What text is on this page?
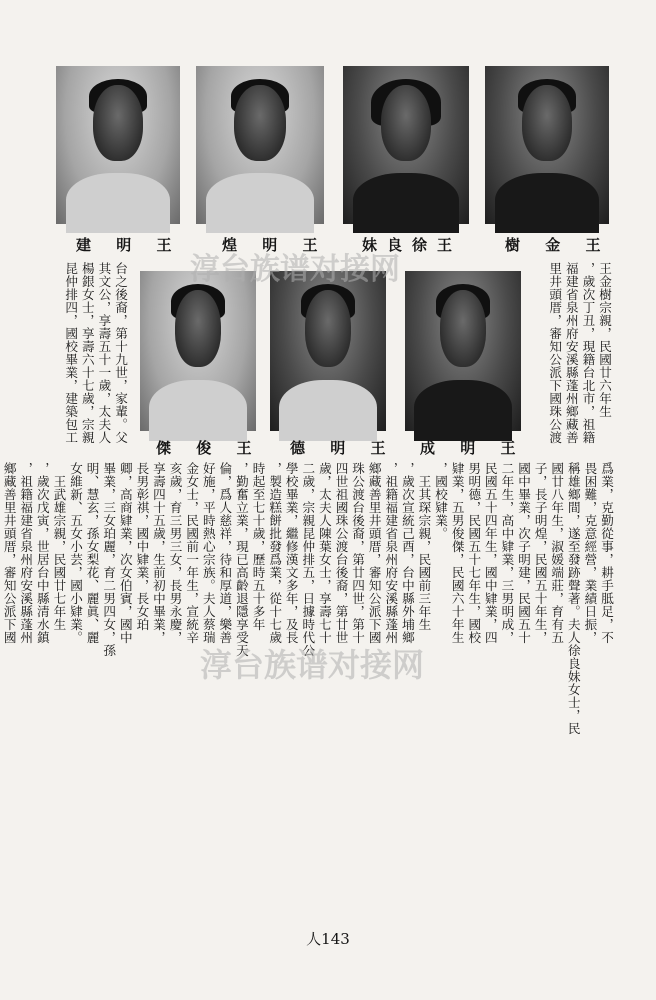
建 明 王	煌 明 王 妹良徐王	樹 金 王
傑 俊 王 德 明 王 成 明 王
王金樹宗親，民國廿六年生
，歲次丁丑，現籍台北市，祖籍
福建省泉州府安溪縣蓬州鄉藏善
里井頭厝，審知公派下國珠公渡
台之後裔，第十九世，家輩。父
其文公，享壽五十一歲，太夫人
楊銀女士，享壽六十七歲，宗親
昆仲排四，國校畢業，建築包工
爲業，克勤從事，耕手胝足，不
畏困難，克意經營，業績日振，
稱雄鄉間，遂至發跡聲著。夫人徐良妹女士，民
國廿八年生，淑媛端莊，育有五
子，長子明煌，民國五十年生，
國中畢業，次子明建，民國五十
二年生，高中肄業，三男明成，
民國五十四年生，國中肄業，四
男明德，民國五十七年生，國校
肄業，五男俊傑，民國六十年生
，國校肄業。
　王其琛宗親，民國前三年生
，歲次宣統己酉，台中縣外埔鄉
，祖籍福建省泉州府安溪縣蓬州
鄉藏善里井頭厝，審知公派下國
珠公渡台後裔，第廿四世，第十
四世祖國珠公渡台後裔，第廿世
歲，太夫人陳葉女士，享壽七十
二歲，宗親昆仲排五，日據時代公
學校畢業，繼修漢文多年，及長
，製造糕餅批發爲業，從十七歲
時起至七十歲，歷時五十多年
，勤奮立業，現已高齡退隱享受天
倫，爲人慈祥，待和厚道，樂善
好施，平時熱心宗族。夫人蔡瑞
金女士，民國前一年生，宣統辛
亥歲，育三男三女，長男永慶，
享壽四十五歲，生前初中畢業，
長男彰祺，國中肄業，長女珀
卿，高商肄業，次女伯賓，國中
畢業，三女珀麗，育二男四女，孫
明、慧玄，孫女梨花、麗眞、麗
女維新、五女小芸，國小肄業。
　王武雄宗親，民國廿七年生
，歲次戊寅，世居台中縣清水鎮
，祖籍福建省泉州府安溪縣蓬州
鄉藏善里井頭厝，審知公派下國

淳台族谱对接网
淳台族谱对接网
人143
